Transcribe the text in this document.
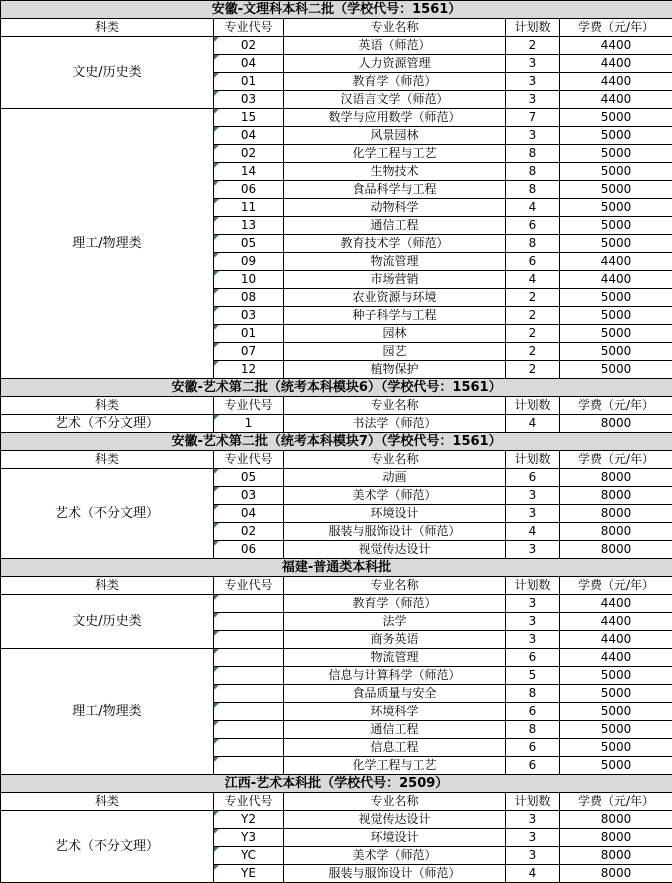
安徽-文理科本科二批（学校代号：1561）				
科类	专业代号	专业名称	计划数	学费（元/年）
文史/历史类	02	英语（师范）	2	4400

04	人力资源管理	3	4400

01	教育学（师范）	3	4400

03	汉语言文学（师范）	3	4400
理工/物理类	15	数学与应用数学（师范）	7	5000

04	风景园林	3	5000

02	化学工程与工艺	8	5000

14	生物技术	8	5000

06	食品科学与工程	8	5000

11	动物科学	4	5000

13	通信工程	6	5000

05	教育技术学（师范）	8	5000

09	物流管理	6	4400

10	市场营销	4	4400

08	农业资源与环境	2	5000

03	种子科学与工程	2	5000

01	园林	2	5000

07	园艺	2	5000

12	植物保护	2	5000
安徽-艺术第二批（统考本科模块6）（学校代号：1561）				
科类	专业代号	专业名称	计划数	学费（元/年）
艺术（不分文理）	1	书法学（师范）	4	8000
安徽-艺术第二批（统考本科模块7）（学校代号：1561）				
科类	专业代号	专业名称	计划数	学费（元/年）
艺术（不分文理）	05	动画	6	8000

03	美术学（师范）	3	8000

04	环境设计	3	8000

02	服装与服饰设计（师范）	4	8000

06	视觉传达设计	3	8000
福建-普通类本科批				
科类	专业代号	专业名称	计划数	学费（元/年）
文史/历史类		教育学（师范）	3	4400

		法学	3	4400

		商务英语	3	4400
理工/物理类		物流管理	6	4400

		信息与计算科学（师范）	5	5000

		食品质量与安全	8	5000

		环境科学	6	5000

		通信工程	8	5000

		信息工程	6	5000

		化学工程与工艺	6	5000
江西-艺术本科批（学校代号：2509）				
科类	专业代号	专业名称	计划数	学费（元/年）
艺术（不分文理）	Y2	视觉传达设计	3	8000

Y3	环境设计	3	8000

YC	美术学（师范）	3	8000

YE	服装与服饰设计（师范）	4	8000
